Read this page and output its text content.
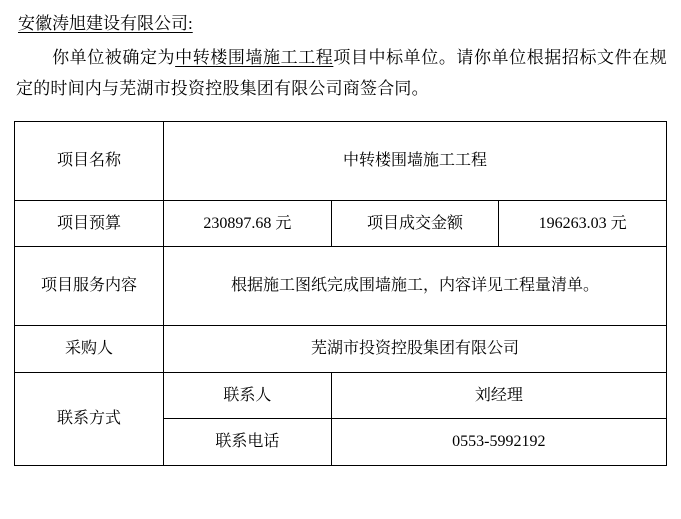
安徽涛旭建设有限公司:
你单位被确定为中转楼围墙施工工程项目中标单位。请你单位根据招标文件在规定的时间内与芜湖市投资控股集团有限公司商签合同。
项目名称	中转楼围墙施工工程		
项目预算	230897.68 元	项目成交金额	196263.03 元
项目服务内容	根据施工图纸完成围墙施工，内容详见工程量清单。		
采购人	芜湖市投资控股集团有限公司		
联系方式	联系人	刘经理	
	联系电话	0553-5992192	
